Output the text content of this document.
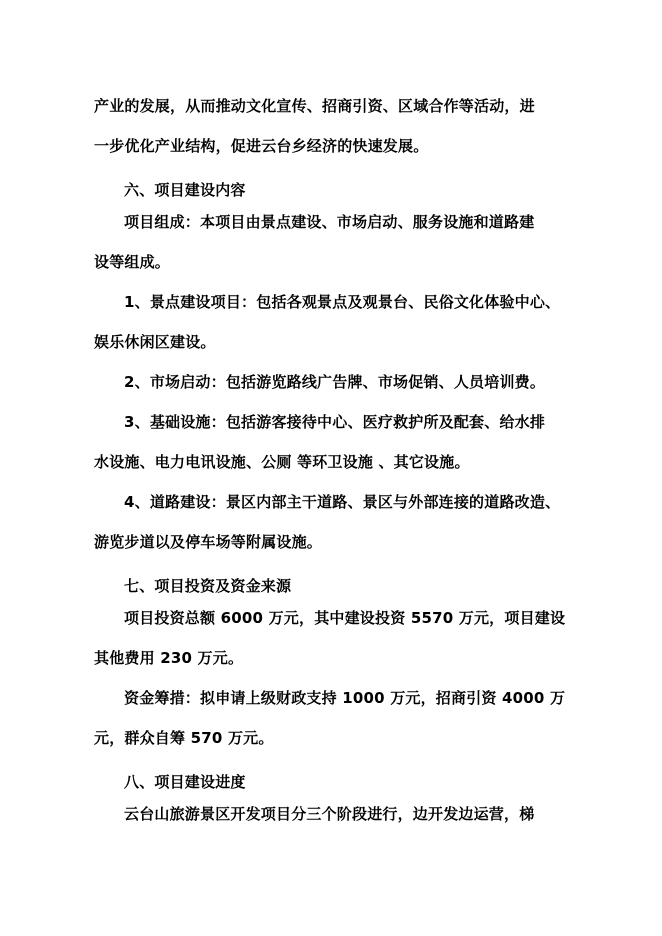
产业的发展，从而推动文化宣传、招商引资、区域合作等活动，进
一步优化产业结构，促进云台乡经济的快速发展。
六、项目建设内容
项目组成：本项目由景点建设、市场启动、服务设施和道路建
设等组成。
1、景点建设项目：包括各观景点及观景台、民俗文化体验中心、
娱乐休闲区建设。
2、市场启动：包括游览路线广告牌、市场促销、人员培训费。
3、基础设施：包括游客接待中心、医疗救护所及配套、给水排
水设施、电力电讯设施、公厕 等环卫设施 、其它设施。
4、道路建设：景区内部主干道路、景区与外部连接的道路改造、
游览步道以及停车场等附属设施。
七、项目投资及资金来源
项目投资总额 6000 万元，其中建设投资 5570 万元，项目建设
其他费用 230 万元。
资金筹措：拟申请上级财政支持 1000 万元，招商引资 4000 万
元，群众自筹 570 万元。
八、项目建设进度
云台山旅游景区开发项目分三个阶段进行，边开发边运营，梯
